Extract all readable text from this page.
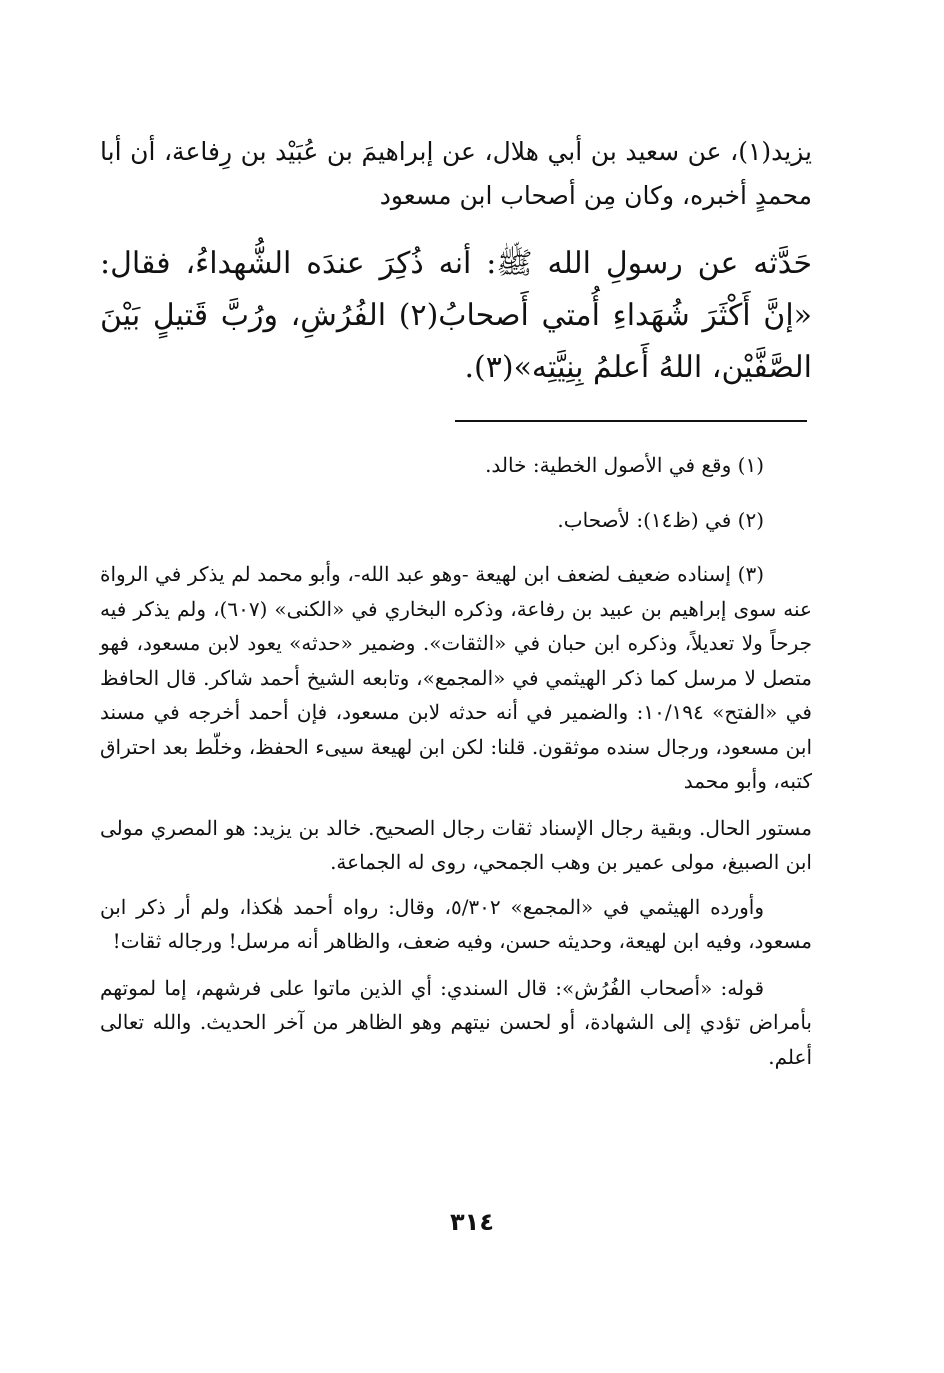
يزيد(١)، عن سعيد بن أبي هلال، عن إبراهيمَ بن عُبَيْد بن رِفاعة، أن أبا محمدٍ أخبره، وكان مِن أصحاب ابن مسعود

حَدَّثه عن رسولِ الله ﷺ: أنه ذُكِرَ عندَه الشُّهداءُ، فقال: «إنَّ أَكْثَرَ شُهَداءِ أُمتي أَصحابُ(٢) الفُرُشِ، ورُبَّ قَتيلٍ بَيْنَ الصَّفَّيْن، اللهُ أَعلمُ بِنِيَّتِه»(٣).

(١) وقع في الأصول الخطية: خالد.

(٢) في (ظ١٤): لأصحاب.

(٣) إسناده ضعيف لضعف ابن لهيعة -وهو عبد الله-، وأبو محمد لم يذكر في الرواة عنه سوى إبراهيم بن عبيد بن رفاعة، وذكره البخاري في «الكنى» (٦٠٧)، ولم يذكر فيه جرحاً ولا تعديلاً، وذكره ابن حبان في «الثقات». وضمير «حدثه» يعود لابن مسعود، فهو متصل لا مرسل كما ذكر الهيثمي في «المجمع»، وتابعه الشيخ أحمد شاكر. قال الحافظ في «الفتح» ١٠/١٩٤: والضمير في أنه حدثه لابن مسعود، فإن أحمد أخرجه في مسند ابن مسعود، ورجال سنده موثقون. قلنا: لكن ابن لهيعة سيىء الحفظ، وخلّط بعد احتراق كتبه، وأبو محمد

مستور الحال. وبقية رجال الإسناد ثقات رجال الصحيح. خالد بن يزيد: هو المصري مولى ابن الصبيغ، مولى عمير بن وهب الجمحي، روى له الجماعة.

وأورده الهيثمي في «المجمع» ٥/٣٠٢، وقال: رواه أحمد هٰكذا، ولم أر ذكر ابن مسعود، وفيه ابن لهيعة، وحديثه حسن، وفيه ضعف، والظاهر أنه مرسل! ورجاله ثقات!

قوله: «أصحاب الفُرُش»: قال السندي: أي الذين ماتوا على فرشهم، إما لموتهم بأمراض تؤدي إلى الشهادة، أو لحسن نيتهم وهو الظاهر من آخر الحديث. والله تعالى أعلم.

٣١٤
